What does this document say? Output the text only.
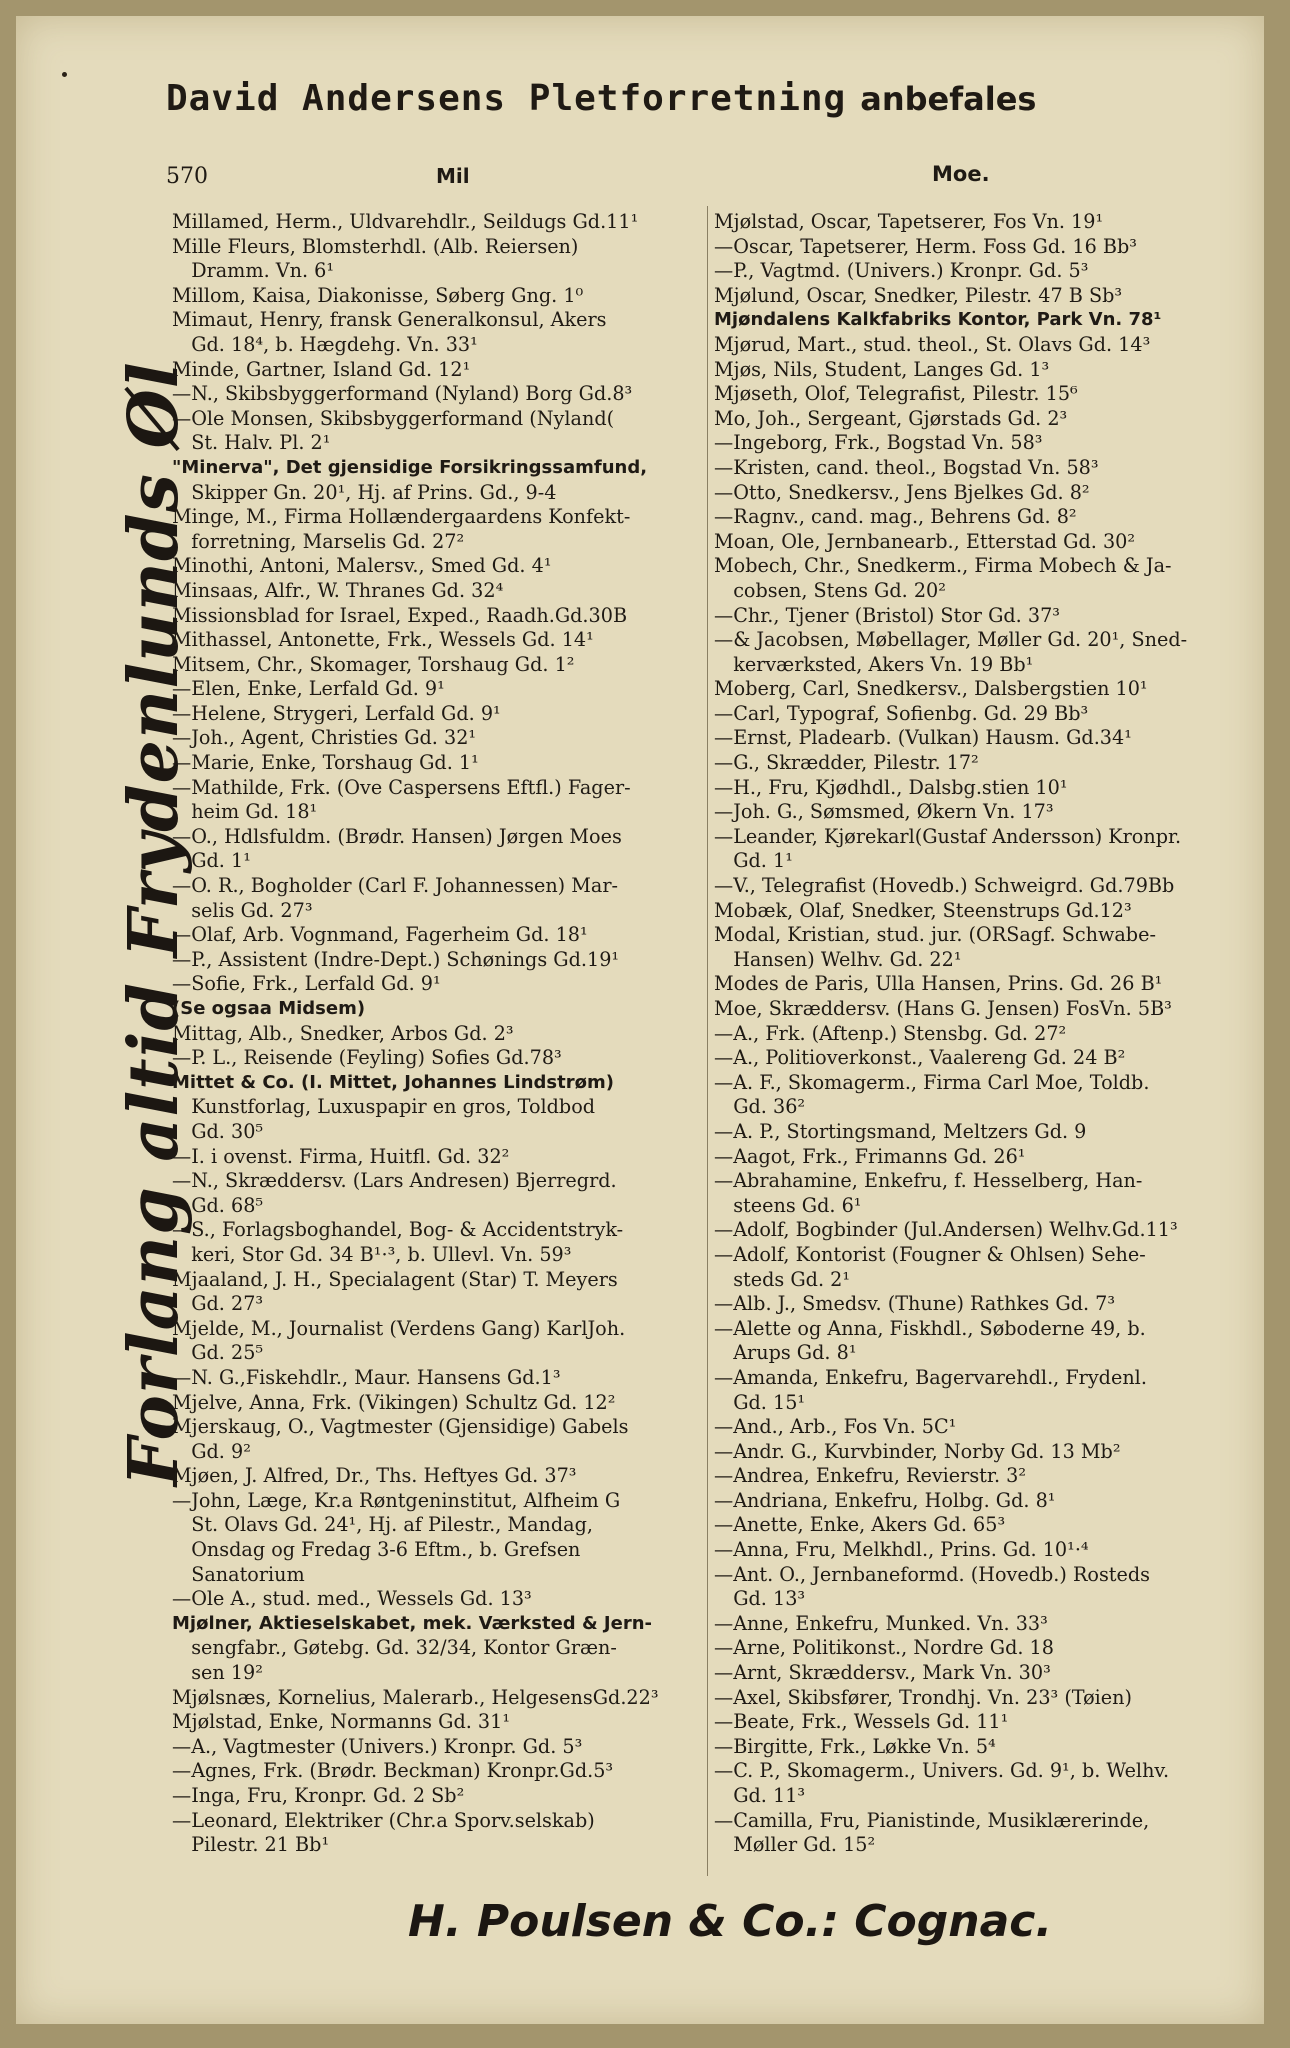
David Andersens Pletforretning anbefales
570	Mil	Moe.
Forlang altid Frydenlunds Øl
Millamed, Herm., Uldvarehdlr., Seildugs Gd.11¹
Mille Fleurs, Blomsterhdl. (Alb. Reiersen)
 Dramm. Vn. 6¹
Millom, Kaisa, Diakonisse, Søberg Gng. 1⁰
Mimaut, Henry, fransk Generalkonsul, Akers
 Gd. 18⁴, b. Hægdehg. Vn. 33¹
Minde, Gartner, Island Gd. 12¹
—N., Skibsbyggerformand (Nyland) Borg Gd.8³
—Ole Monsen, Skibsbyggerformand (Nyland(
 St. Halv. Pl. 2¹
"Minerva", Det gjensidige Forsikringssamfund,
 Skipper Gn. 20¹, Hj. af Prins. Gd., 9-4
Minge, M., Firma Hollændergaardens Konfekt-
 forretning, Marselis Gd. 27²
Minothi, Antoni, Malersv., Smed Gd. 4¹
Minsaas, Alfr., W. Thranes Gd. 32⁴
Missionsblad for Israel, Exped., Raadh.Gd.30B
Mithassel, Antonette, Frk., Wessels Gd. 14¹
Mitsem, Chr., Skomager, Torshaug Gd. 1²
—Elen, Enke, Lerfald Gd. 9¹
—Helene, Strygeri, Lerfald Gd. 9¹
—Joh., Agent, Christies Gd. 32¹
—Marie, Enke, Torshaug Gd. 1¹
—Mathilde, Frk. (Ove Caspersens Eftfl.) Fager-
 heim Gd. 18¹
—O., Hdlsfuldm. (Brødr. Hansen) Jørgen Moes
 Gd. 1¹
—O. R., Bogholder (Carl F. Johannessen) Mar-
 selis Gd. 27³
—Olaf, Arb. Vognmand, Fagerheim Gd. 18¹
—P., Assistent (Indre-Dept.) Schønings Gd.19¹
—Sofie, Frk., Lerfald Gd. 9¹
(Se ogsaa Midsem)
Mittag, Alb., Snedker, Arbos Gd. 2³
—P. L., Reisende (Feyling) Sofies Gd.78³
Mittet & Co. (I. Mittet, Johannes Lindstrøm)
 Kunstforlag, Luxuspapir en gros, Toldbod
 Gd. 30⁵
—I. i ovenst. Firma, Huitfl. Gd. 32²
—N., Skræddersv. (Lars Andresen) Bjerregrd.
 Gd. 68⁵
—S., Forlagsboghandel, Bog- & Accidentstryk-
 keri, Stor Gd. 34 B¹·³, b. Ullevl. Vn. 59³
Mjaaland, J. H., Specialagent (Star) T. Meyers
 Gd. 27³
Mjelde, M., Journalist (Verdens Gang) KarlJoh.
 Gd. 25⁵
—N. G.,Fiskehdlr., Maur. Hansens Gd.1³
Mjelve, Anna, Frk. (Vikingen) Schultz Gd. 12²
Mjerskaug, O., Vagtmester (Gjensidige) Gabels
 Gd. 9²
Mjøen, J. Alfred, Dr., Ths. Heftyes Gd. 37³
—John, Læge, Kr.a Røntgeninstitut, Alfheim G
 St. Olavs Gd. 24¹, Hj. af Pilestr., Mandag,
 Onsdag og Fredag 3-6 Eftm., b. Grefsen
 Sanatorium
—Ole A., stud. med., Wessels Gd. 13³
Mjølner, Aktieselskabet, mek. Værksted & Jern-
 sengfabr., Gøtebg. Gd. 32/34, Kontor Græn-
 sen 19²
Mjølsnæs, Kornelius, Malerarb., HelgesensGd.22³
Mjølstad, Enke, Normanns Gd. 31¹
—A., Vagtmester (Univers.) Kronpr. Gd. 5³
—Agnes, Frk. (Brødr. Beckman) Kronpr.Gd.5³
—Inga, Fru, Kronpr. Gd. 2 Sb²
—Leonard, Elektriker (Chr.a Sporv.selskab)
 Pilestr. 21 Bb¹
Mjølstad, Oscar, Tapetserer, Fos Vn. 19¹
—Oscar, Tapetserer, Herm. Foss Gd. 16 Bb³
—P., Vagtmd. (Univers.) Kronpr. Gd. 5³
Mjølund, Oscar, Snedker, Pilestr. 47 B Sb³
Mjøndalens Kalkfabriks Kontor, Park Vn. 78¹
Mjørud, Mart., stud. theol., St. Olavs Gd. 14³
Mjøs, Nils, Student, Langes Gd. 1³
Mjøseth, Olof, Telegrafist, Pilestr. 15⁶
Mo, Joh., Sergeant, Gjørstads Gd. 2³
—Ingeborg, Frk., Bogstad Vn. 58³
—Kristen, cand. theol., Bogstad Vn. 58³
—Otto, Snedkersv., Jens Bjelkes Gd. 8²
—Ragnv., cand. mag., Behrens Gd. 8²
Moan, Ole, Jernbanearb., Etterstad Gd. 30²
Mobech, Chr., Snedkerm., Firma Mobech & Ja-
 cobsen, Stens Gd. 20²
—Chr., Tjener (Bristol) Stor Gd. 37³
—& Jacobsen, Møbellager, Møller Gd. 20¹, Sned-
 kerværksted, Akers Vn. 19 Bb¹
Moberg, Carl, Snedkersv., Dalsbergstien 10¹
—Carl, Typograf, Sofienbg. Gd. 29 Bb³
—Ernst, Pladearb. (Vulkan) Hausm. Gd.34¹
—G., Skrædder, Pilestr. 17²
—H., Fru, Kjødhdl., Dalsbg.stien 10¹
—Joh. G., Sømsmed, Økern Vn. 17³
—Leander, Kjørekarl(Gustaf Andersson) Kronpr.
 Gd. 1¹
—V., Telegrafist (Hovedb.) Schweigrd. Gd.79Bb
Mobæk, Olaf, Snedker, Steenstrups Gd.12³
Modal, Kristian, stud. jur. (ORSagf. Schwabe-
 Hansen) Welhv. Gd. 22¹
Modes de Paris, Ulla Hansen, Prins. Gd. 26 B¹
Moe, Skræddersv. (Hans G. Jensen) FosVn. 5B³
—A., Frk. (Aftenp.) Stensbg. Gd. 27²
—A., Politioverkonst., Vaalereng Gd. 24 B²
—A. F., Skomagerm., Firma Carl Moe, Toldb.
 Gd. 36²
—A. P., Stortingsmand, Meltzers Gd. 9
—Aagot, Frk., Frimanns Gd. 26¹
—Abrahamine, Enkefru, f. Hesselberg, Han-
 steens Gd. 6¹
—Adolf, Bogbinder (Jul.Andersen) Welhv.Gd.11³
—Adolf, Kontorist (Fougner & Ohlsen) Sehe-
 steds Gd. 2¹
—Alb. J., Smedsv. (Thune) Rathkes Gd. 7³
—Alette og Anna, Fiskhdl., Søboderne 49, b.
 Arups Gd. 8¹
—Amanda, Enkefru, Bagervarehdl., Frydenl.
 Gd. 15¹
—And., Arb., Fos Vn. 5C¹
—Andr. G., Kurvbinder, Norby Gd. 13 Mb²
—Andrea, Enkefru, Revierstr. 3²
—Andriana, Enkefru, Holbg. Gd. 8¹
—Anette, Enke, Akers Gd. 65³
—Anna, Fru, Melkhdl., Prins. Gd. 10¹·⁴
—Ant. O., Jernbaneformd. (Hovedb.) Rosteds
 Gd. 13³
—Anne, Enkefru, Munked. Vn. 33³
—Arne, Politikonst., Nordre Gd. 18
—Arnt, Skræddersv., Mark Vn. 30³
—Axel, Skibsfører, Trondhj. Vn. 23³ (Tøien)
—Beate, Frk., Wessels Gd. 11¹
—Birgitte, Frk., Løkke Vn. 5⁴
—C. P., Skomagerm., Univers. Gd. 9¹, b. Welhv.
 Gd. 11³
—Camilla, Fru, Pianistinde, Musiklærerinde,
 Møller Gd. 15²
H. Poulsen & Co.: Cognac.
